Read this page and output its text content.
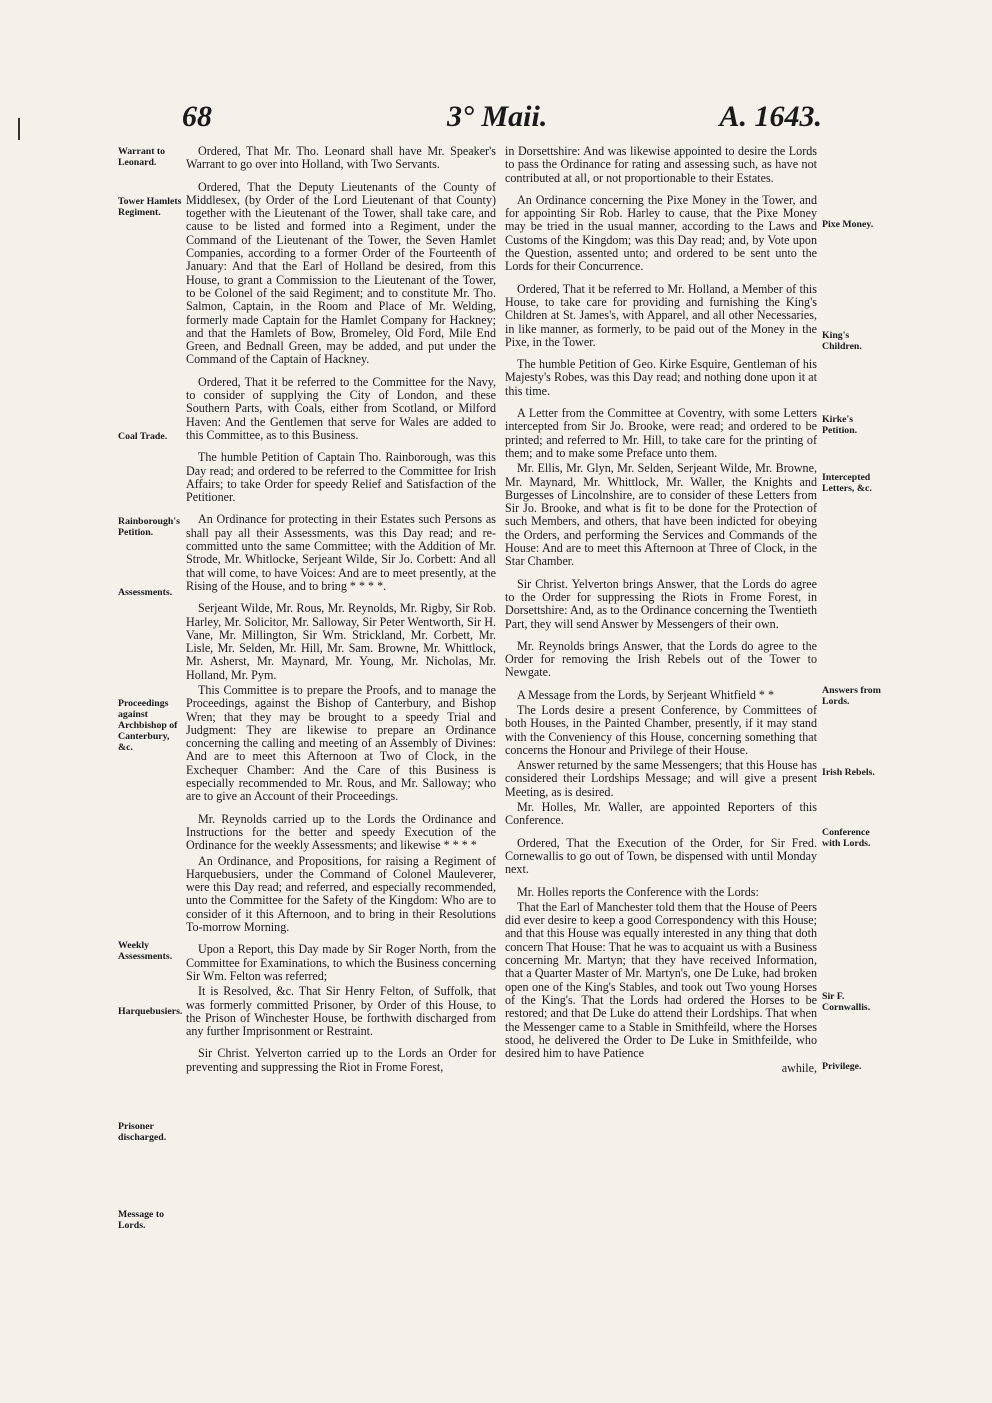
68	3° Maii.	A. 1643.
Warrant to Leonard.
Tower Hamlets Regiment.
Coal Trade.
Rainborough's Petition.
Assessments.
Proceedings against Archbishop of Canterbury, &c.
Weekly Assessments.
Harquebusiers.
Prisoner discharged.
Message to Lords.
Pixe Money.
King's Children.
Kirke's Petition.
Intercepted Letters, &c.
Answers from Lords.
Irish Rebels.
Conference with Lords.
Sir F. Cornwallis.
Privilege.

Ordered, That Mr. Tho. Leonard shall have Mr. Speaker's Warrant to go over into Holland, with Two Servants.

Ordered, That the Deputy Lieutenants of the County of Middlesex, (by Order of the Lord Lieutenant of that County) together with the Lieutenant of the Tower, shall take care, and cause to be listed and formed into a Regiment, under the Command of the Lieutenant of the Tower, the Seven Hamlet Companies, according to a former Order of the Fourteenth of January: And that the Earl of Holland be desired, from this House, to grant a Commission to the Lieutenant of the Tower, to be Colonel of the said Regiment; and to constitute Mr. Tho. Salmon, Captain, in the Room and Place of Mr. Welding, formerly made Captain for the Hamlet Company for Hackney; and that the Hamlets of Bow, Bromeley, Old Ford, Mile End Green, and Bednall Green, may be added, and put under the Command of the Captain of Hackney.

Ordered, That it be referred to the Committee for the Navy, to consider of supplying the City of London, and these Southern Parts, with Coals, either from Scotland, or Milford Haven: And the Gentlemen that serve for Wales are added to this Committee, as to this Business.

The humble Petition of Captain Tho. Rainborough, was this Day read; and ordered to be referred to the Committee for Irish Affairs; to take Order for speedy Relief and Satisfaction of the Petitioner.

An Ordinance for protecting in their Estates such Persons as shall pay all their Assessments, was this Day read; and re-committed unto the same Committee; with the Addition of Mr. Strode, Mr. Whitlocke, Serjeant Wilde, Sir Jo. Corbett: And all that will come, to have Voices: And are to meet presently, at the Rising of the House, and to bring * * * *.

Serjeant Wilde, Mr. Rous, Mr. Reynolds, Mr. Rigby, Sir Rob. Harley, Mr. Solicitor, Mr. Salloway, Sir Peter Wentworth, Sir H. Vane, Mr. Millington, Sir Wm. Strickland, Mr. Corbett, Mr. Lisle, Mr. Selden, Mr. Hill, Mr. Sam. Browne, Mr. Whittlock, Mr. Asherst, Mr. Maynard, Mr. Young, Mr. Nicholas, Mr. Holland, Mr. Pym.

This Committee is to prepare the Proofs, and to manage the Proceedings, against the Bishop of Canterbury, and Bishop Wren; that they may be brought to a speedy Trial and Judgment: They are likewise to prepare an Ordinance concerning the calling and meeting of an Assembly of Divines: And are to meet this Afternoon at Two of Clock, in the Exchequer Chamber: And the Care of this Business is especially recommended to Mr. Rous, and Mr. Salloway; who are to give an Account of their Proceedings.

Mr. Reynolds carried up to the Lords the Ordinance and Instructions for the better and speedy Execution of the Ordinance for the weekly Assessments; and likewise * * * *

An Ordinance, and Propositions, for raising a Regiment of Harquebusiers, under the Command of Colonel Mauleverer, were this Day read; and referred, and especially recommended, unto the Committee for the Safety of the Kingdom: Who are to consider of it this Afternoon, and to bring in their Resolutions To-morrow Morning.

Upon a Report, this Day made by Sir Roger North, from the Committee for Examinations, to which the Business concerning Sir Wm. Felton was referred;

It is Resolved, &c. That Sir Henry Felton, of Suffolk, that was formerly committed Prisoner, by Order of this House, to the Prison of Winchester House, be forthwith discharged from any further Imprisonment or Restraint.

Sir Christ. Yelverton carried up to the Lords an Order for preventing and suppressing the Riot in Frome Forest,

in Dorsettshire: And was likewise appointed to desire the Lords to pass the Ordinance for rating and assessing such, as have not contributed at all, or not proportionable to their Estates.

An Ordinance concerning the Pixe Money in the Tower, and for appointing Sir Rob. Harley to cause, that the Pixe Money may be tried in the usual manner, according to the Laws and Customs of the Kingdom; was this Day read; and, by Vote upon the Question, assented unto; and ordered to be sent unto the Lords for their Concurrence.

Ordered, That it be referred to Mr. Holland, a Member of this House, to take care for providing and furnishing the King's Children at St. James's, with Apparel, and all other Necessaries, in like manner, as formerly, to be paid out of the Money in the Pixe, in the Tower.

The humble Petition of Geo. Kirke Esquire, Gentleman of his Majesty's Robes, was this Day read; and nothing done upon it at this time.

A Letter from the Committee at Coventry, with some Letters intercepted from Sir Jo. Brooke, were read; and ordered to be printed; and referred to Mr. Hill, to take care for the printing of them; and to make some Preface unto them.

Mr. Ellis, Mr. Glyn, Mr. Selden, Serjeant Wilde, Mr. Browne, Mr. Maynard, Mr. Whittlock, Mr. Waller, the Knights and Burgesses of Lincolnshire, are to consider of these Letters from Sir Jo. Brooke, and what is fit to be done for the Protection of such Members, and others, that have been indicted for obeying the Orders, and performing the Services and Commands of the House: And are to meet this Afternoon at Three of Clock, in the Star Chamber.

Sir Christ. Yelverton brings Answer, that the Lords do agree to the Order for suppressing the Riots in Frome Forest, in Dorsettshire: And, as to the Ordinance concerning the Twentieth Part, they will send Answer by Messengers of their own.

Mr. Reynolds brings Answer, that the Lords do agree to the Order for removing the Irish Rebels out of the Tower to Newgate.

A Message from the Lords, by Serjeant Whitfield * *

The Lords desire a present Conference, by Committees of both Houses, in the Painted Chamber, presently, if it may stand with the Conveniency of this House, concerning something that concerns the Honour and Privilege of their House.

Answer returned by the same Messengers; that this House has considered their Lordships Message; and will give a present Meeting, as is desired.

Mr. Holles, Mr. Waller, are appointed Reporters of this Conference.

Ordered, That the Execution of the Order, for Sir Fred. Cornewallis to go out of Town, be dispensed with until Monday next.

Mr. Holles reports the Conference with the Lords:

That the Earl of Manchester told them that the House of Peers did ever desire to keep a good Correspondency with this House; and that this House was equally interested in any thing that doth concern That House: That he was to acquaint us with a Business concerning Mr. Martyn; that they have received Information, that a Quarter Master of Mr. Martyn's, one De Luke, had broken open one of the King's Stables, and took out Two young Horses of the King's. That the Lords had ordered the Horses to be restored; and that De Luke do attend their Lordships. That when the Messenger came to a Stable in Smithfeild, where the Horses stood, he delivered the Order to De Luke in Smithfeilde, who desired him to have Patience

awhile,
